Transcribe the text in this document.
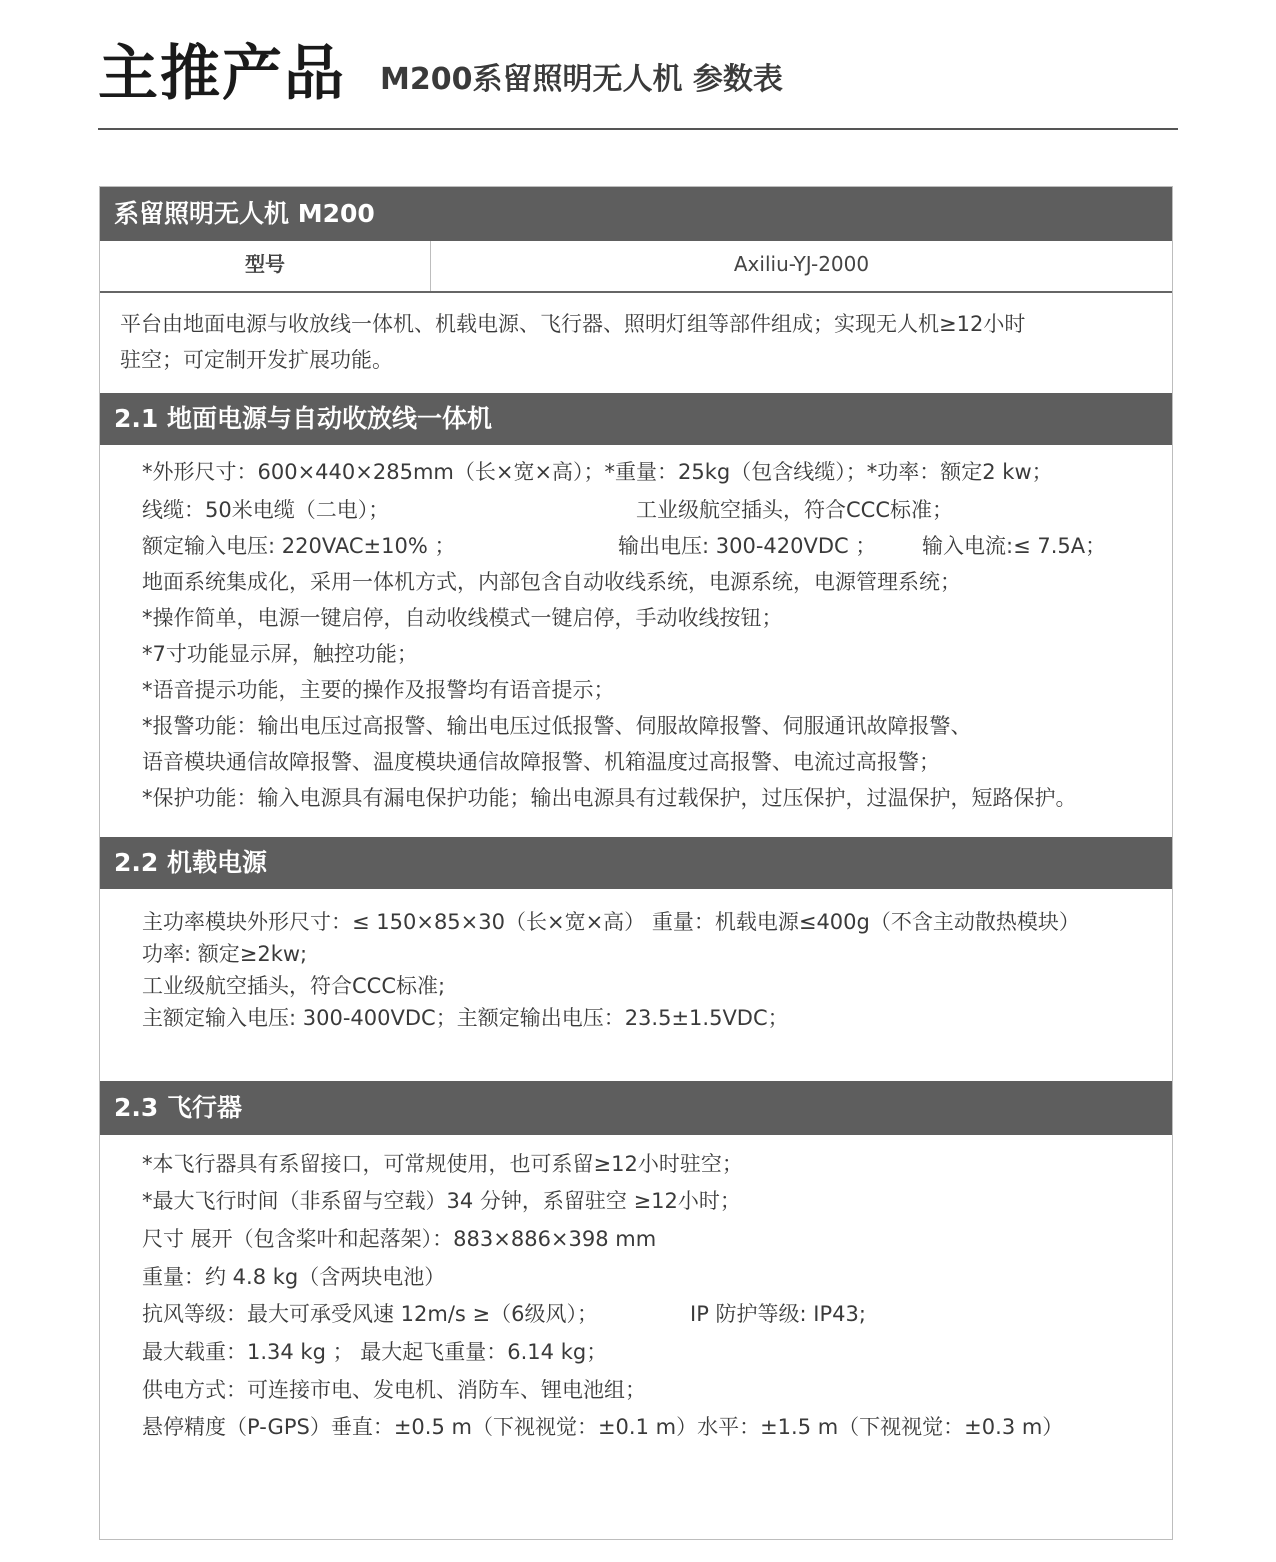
主推产品 M200系留照明无人机 参数表
系留照明无人机 M200
型号	Axiliu-YJ-2000
平台由地面电源与收放线一体机、机载电源、飞行器、照明灯组等部件组成；实现无人机≥12小时
驻空；可定制开发扩展功能。
2.1 地面电源与自动收放线一体机
*外形尺寸：600×440×285mm（长×宽×高）；*重量：25kg（包含线缆）；*功率：额定2 kw；
线缆：50米电缆（二电）；	工业级航空插头，符合CCC标准；
额定输入电压: 220VAC±10% ；	输出电压: 300-420VDC ； 输入电流:≤ 7.5A；
地面系统集成化，采用一体机方式，内部包含自动收线系统，电源系统，电源管理系统；
*操作简单，电源一键启停，自动收线模式一键启停，手动收线按钮；
*7寸功能显示屏，触控功能；
*语音提示功能，主要的操作及报警均有语音提示；
*报警功能：输出电压过高报警、输出电压过低报警、伺服故障报警、伺服通讯故障报警、
语音模块通信故障报警、温度模块通信故障报警、机箱温度过高报警、电流过高报警；
*保护功能：输入电源具有漏电保护功能；输出电源具有过载保护，过压保护，过温保护，短路保护。
2.2 机载电源
主功率模块外形尺寸：≤ 150×85×30（长×宽×高） 重量：机载电源≤400g（不含主动散热模块）
功率: 额定≥2kw;
工业级航空插头，符合CCC标准;
主额定输入电压: 300-400VDC；主额定输出电压：23.5±1.5VDC；
2.3 飞行器
*本飞行器具有系留接口，可常规使用，也可系留≥12小时驻空；
*最大飞行时间（非系留与空载）34 分钟，系留驻空 ≥12小时；
尺寸 展开（包含桨叶和起落架）：883×886×398 mm
重量：约 4.8 kg（含两块电池）
抗风等级：最大可承受风速 12m/s ≥（6级风）；	IP 防护等级: IP43;
最大载重：1.34 kg ； 最大起飞重量：6.14 kg；
供电方式：可连接市电、发电机、消防车、锂电池组；
悬停精度（P-GPS）垂直：±0.5 m（下视视觉：±0.1 m）水平：±1.5 m（下视视觉：±0.3 m）
